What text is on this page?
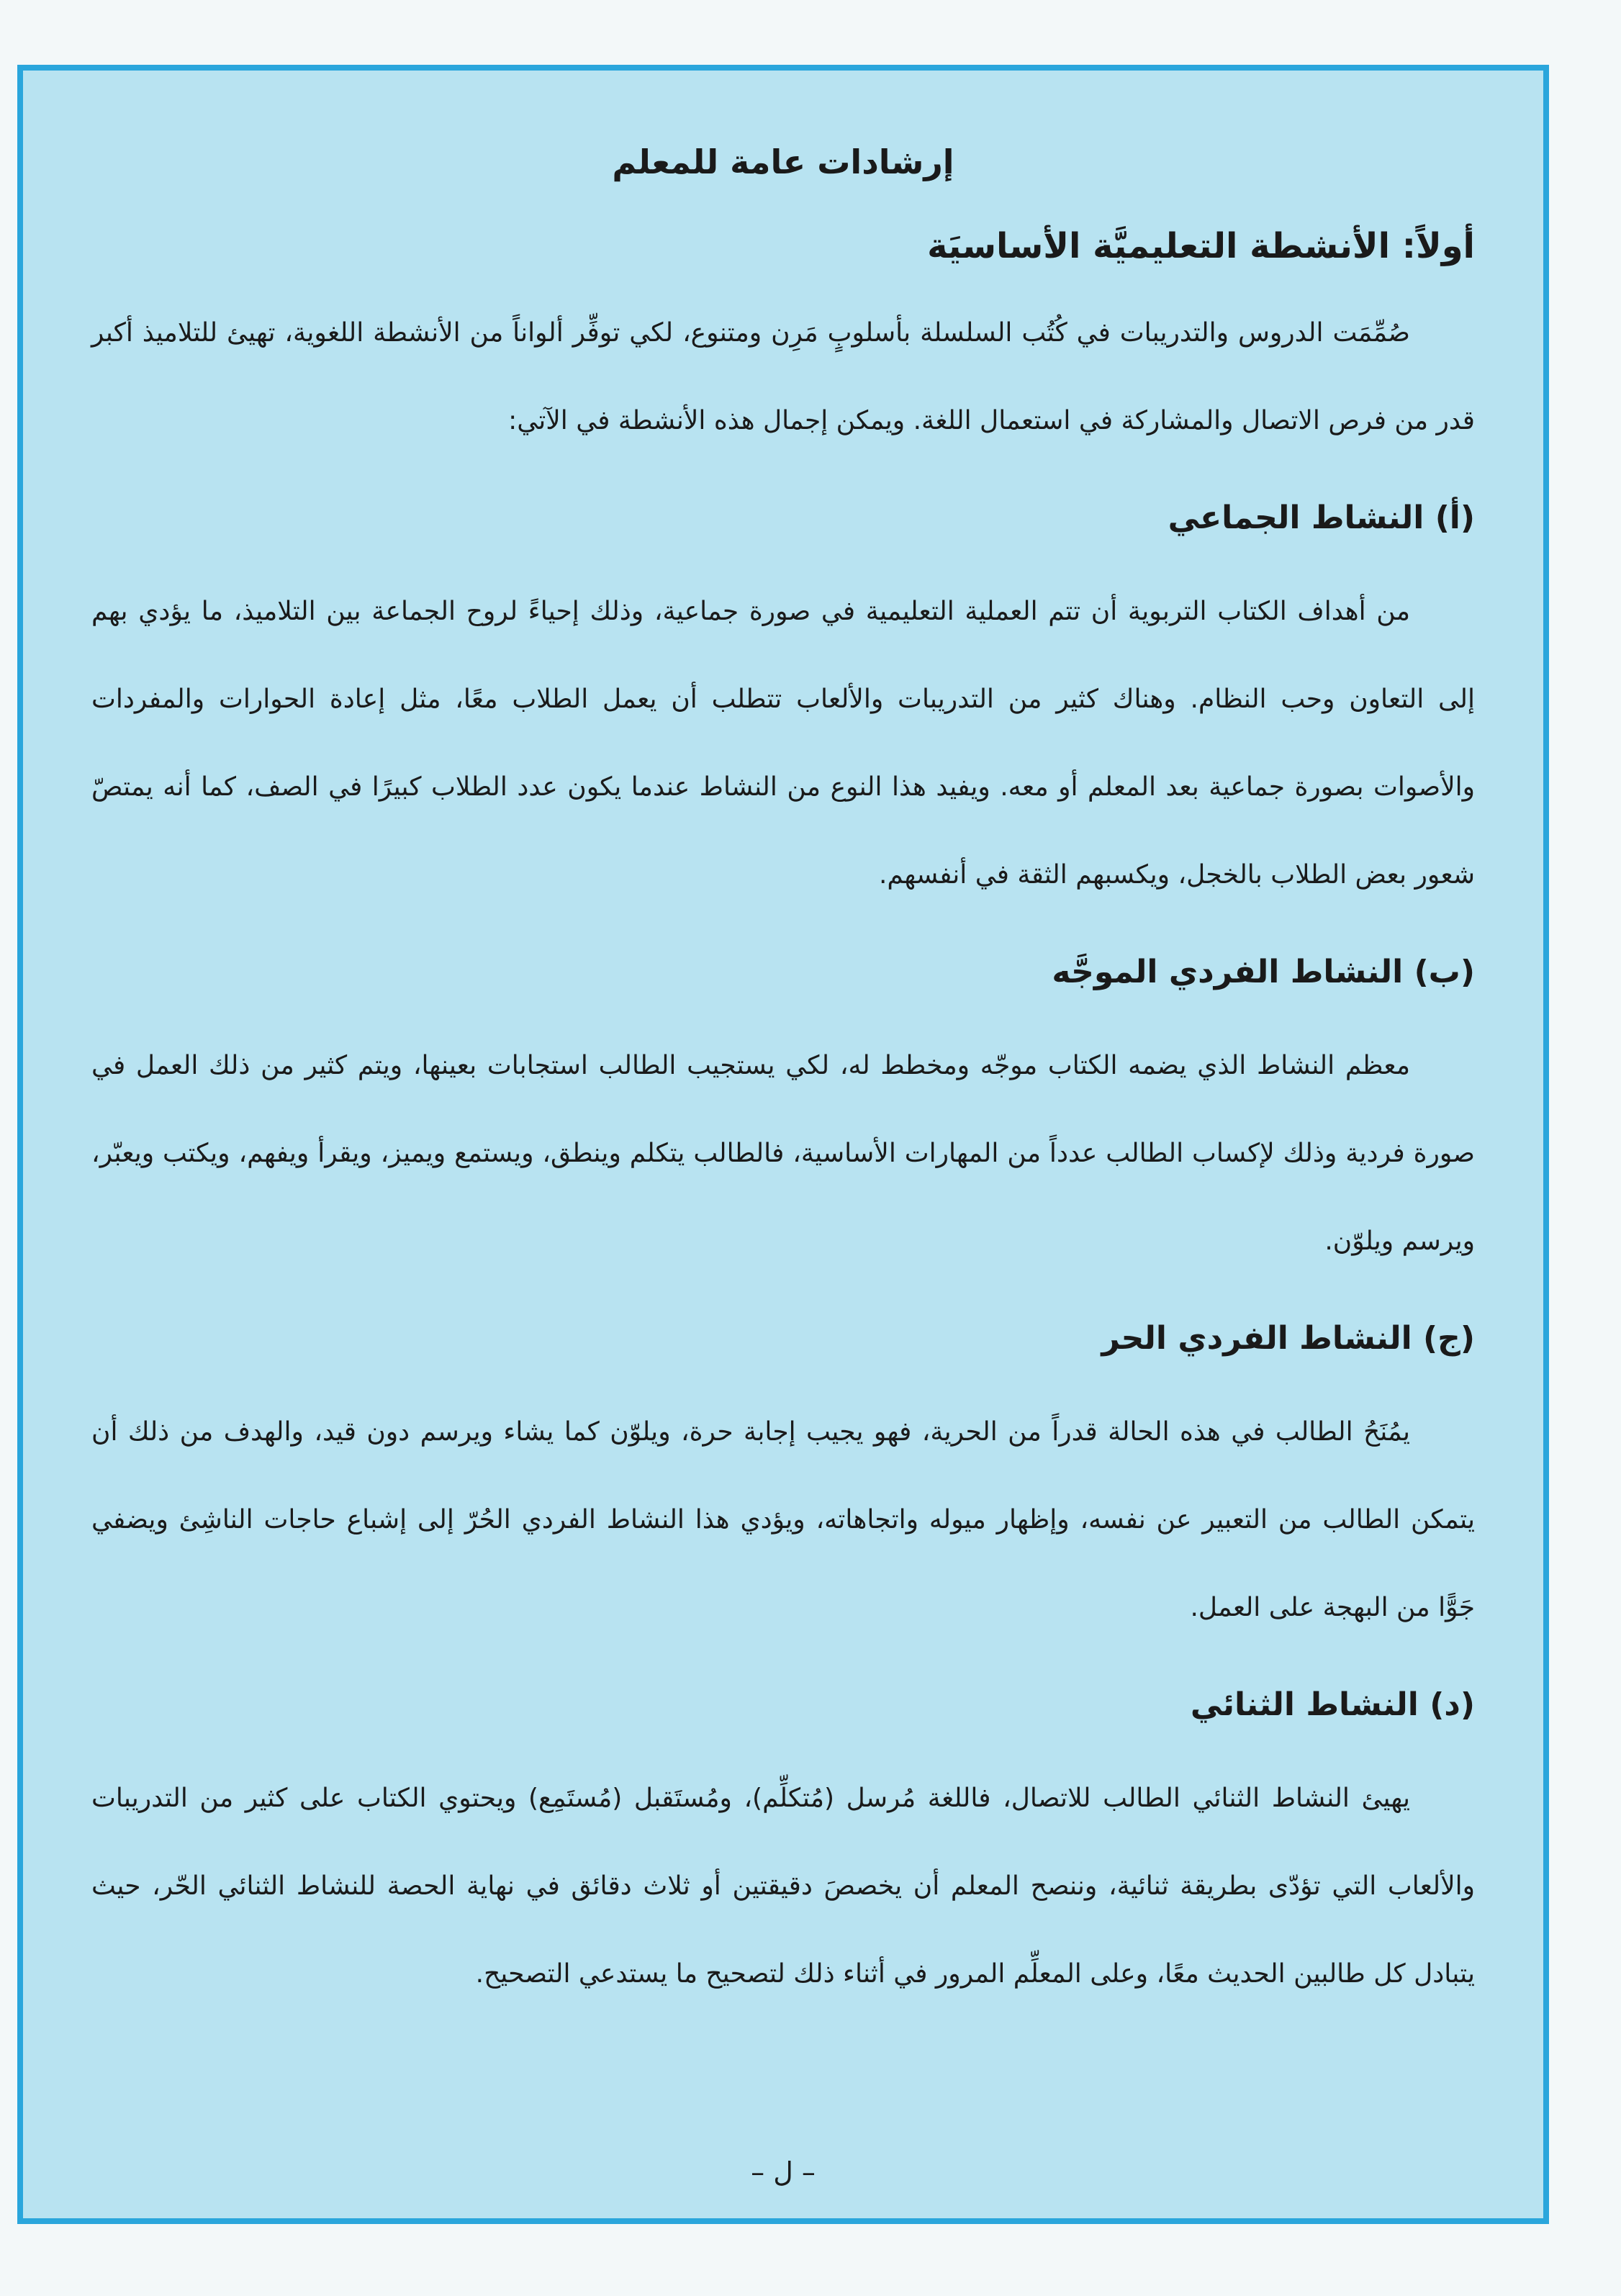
إرشادات عامة للمعلم
أولاً: الأنشطة التعليميَّة الأساسيَة

صُمِّمَت الدروس والتدريبات في كُتُب السلسلة بأسلوبٍ مَرِن ومتنوع، لكي توفِّر ألواناً من الأنشطة اللغوية، تهيئ للتلاميذ أكبر قدر من فرص الاتصال والمشاركة في استعمال اللغة. ويمكن إجمال هذه الأنشطة في الآتي:

(أ) النشاط الجماعي

من أهداف الكتاب التربوية أن تتم العملية التعليمية في صورة جماعية، وذلك إحياءً لروح الجماعة بين التلاميذ، ما يؤدي بهم إلى التعاون وحب النظام. وهناك كثير من التدريبات والألعاب تتطلب أن يعمل الطلاب معًا، مثل إعادة الحوارات والمفردات والأصوات بصورة جماعية بعد المعلم أو معه. ويفيد هذا النوع من النشاط عندما يكون عدد الطلاب كبيرًا في الصف، كما أنه يمتصّ شعور بعض الطلاب بالخجل، ويكسبهم الثقة في أنفسهم.

(ب) النشاط الفردي الموجَّه

معظم النشاط الذي يضمه الكتاب موجّه ومخطط له، لكي يستجيب الطالب استجابات بعينها، ويتم كثير من ذلك العمل في صورة فردية وذلك لإكساب الطالب عدداً من المهارات الأساسية، فالطالب يتكلم وينطق، ويستمع ويميز، ويقرأ ويفهم، ويكتب ويعبّر، ويرسم ويلوّن.

(ج) النشاط الفردي الحر

يمُنَحُ الطالب في هذه الحالة قدراً من الحرية، فهو يجيب إجابة حرة، ويلوّن كما يشاء ويرسم دون قيد، والهدف من ذلك أن يتمكن الطالب من التعبير عن نفسه، وإظهار ميوله واتجاهاته، ويؤدي هذا النشاط الفردي الحُرّ إلى إشباع حاجات الناشِئ ويضفي جَوًّا من البهجة على العمل.

(د) النشاط الثنائي

يهيئ النشاط الثنائي الطالب للاتصال، فاللغة مُرسل (مُتكلِّم)، ومُستَقبل (مُستَمِع) ويحتوي الكتاب على كثير من التدريبات والألعاب التي تؤدّى بطريقة ثنائية، وننصح المعلم أن يخصصَ دقيقتين أو ثلاث دقائق في نهاية الحصة للنشاط الثنائي الحّر، حيث يتبادل كل طالبين الحديث معًا، وعلى المعلِّم المرور في أثناء ذلك لتصحيح ما يستدعي التصحيح.

– ل –
